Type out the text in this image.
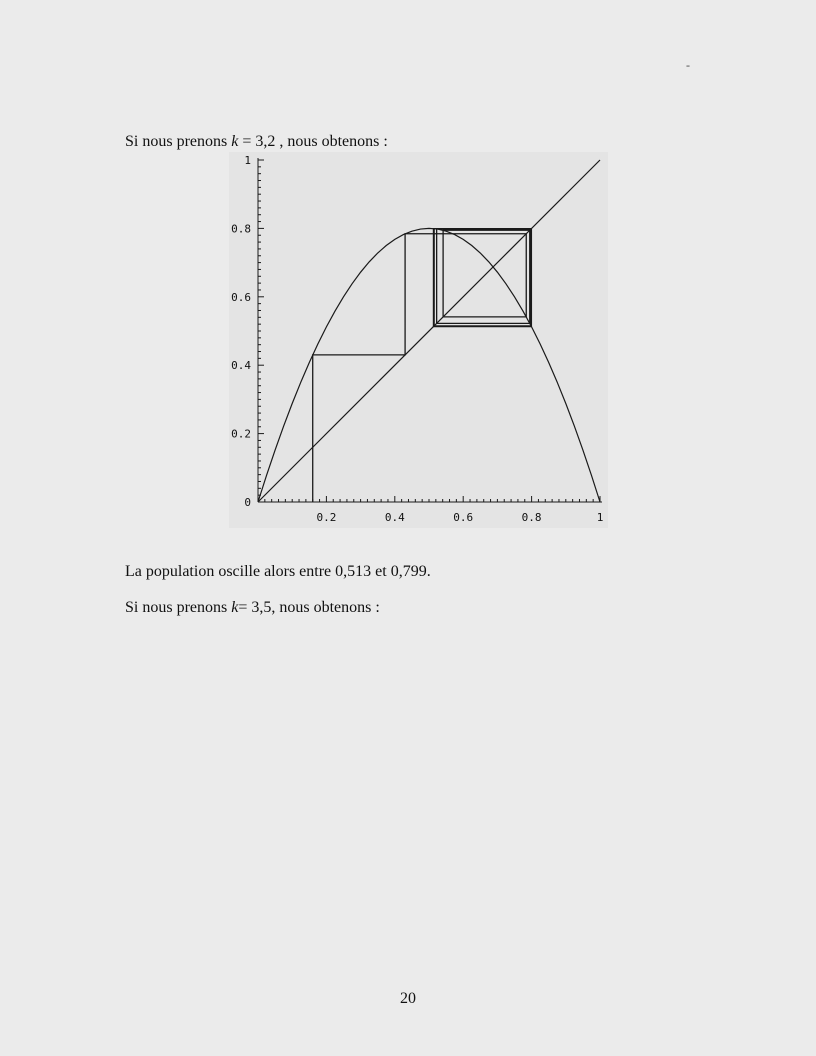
-

Si nous prenons k = 3,2 , nous obtenons :

0.2	0.4	0.6	0.8	1
0
0.2
0.4
0.6
0.8
1

La population oscille alors entre 0,513 et 0,799.

Si nous prenons k= 3,5, nous obtenons :

20
